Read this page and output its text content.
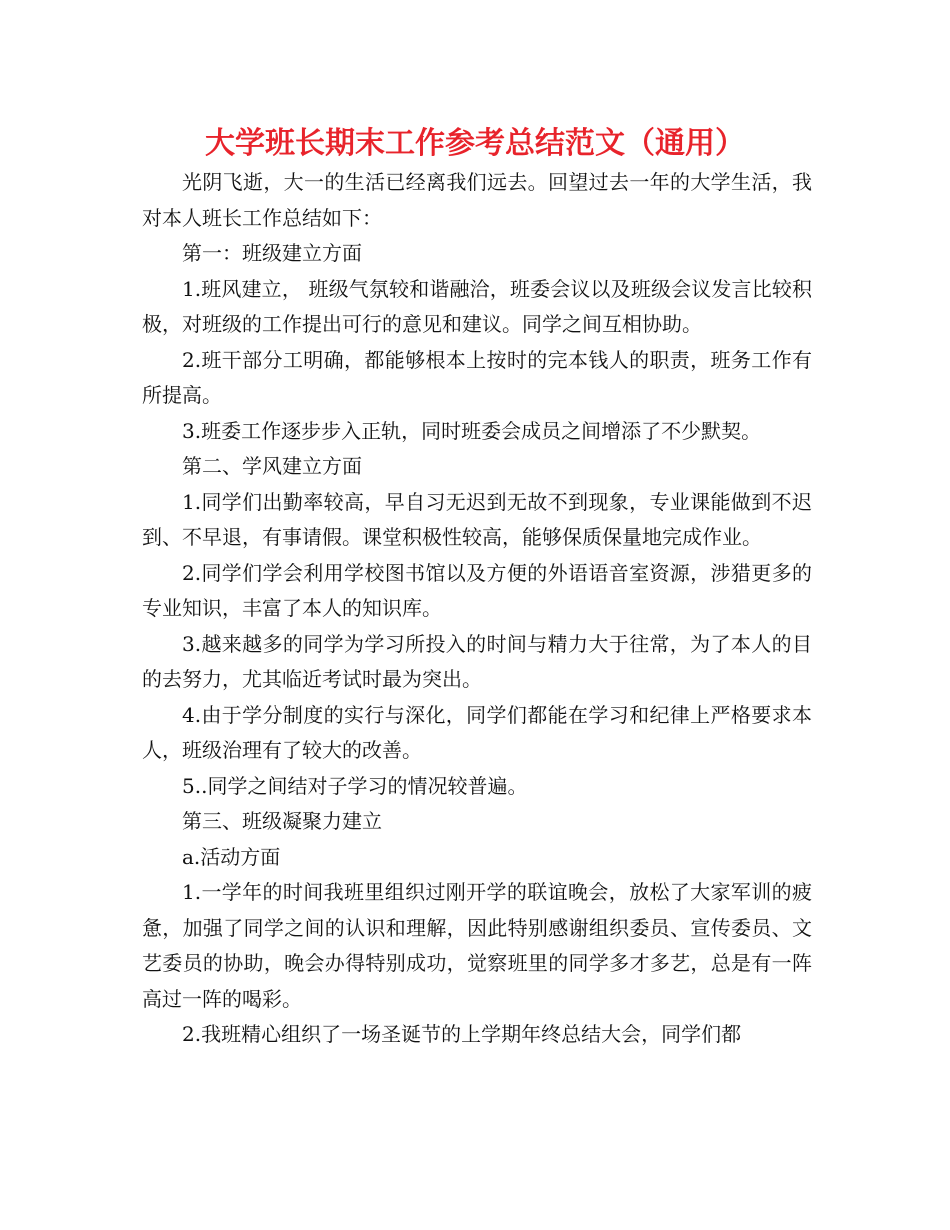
大学班长期末工作参考总结范文（通用）

光阴飞逝，大一的生活已经离我们远去。回望过去一年的大学生活，我对本人班长工作总结如下：

第一：班级建立方面

1.班风建立， 班级气氛较和谐融洽，班委会议以及班级会议发言比较积极，对班级的工作提出可行的意见和建议。同学之间互相协助。

2.班干部分工明确，都能够根本上按时的完本钱人的职责，班务工作有所提高。

3.班委工作逐步步入正轨，同时班委会成员之间增添了不少默契。

第二、学风建立方面

1.同学们出勤率较高，早自习无迟到无故不到现象，专业课能做到不迟到、不早退，有事请假。课堂积极性较高，能够保质保量地完成作业。

2.同学们学会利用学校图书馆以及方便的外语语音室资源，涉猎更多的专业知识，丰富了本人的知识库。

3.越来越多的同学为学习所投入的时间与精力大于往常，为了本人的目的去努力，尤其临近考试时最为突出。

4.由于学分制度的实行与深化，同学们都能在学习和纪律上严格要求本人，班级治理有了较大的改善。

5..同学之间结对子学习的情况较普遍。

第三、班级凝聚力建立

a.活动方面

1.一学年的时间我班里组织过刚开学的联谊晚会，放松了大家军训的疲惫，加强了同学之间的认识和理解，因此特别感谢组织委员、宣传委员、文艺委员的协助，晚会办得特别成功，觉察班里的同学多才多艺，总是有一阵高过一阵的喝彩。

2.我班精心组织了一场圣诞节的上学期年终总结大会，同学们都
